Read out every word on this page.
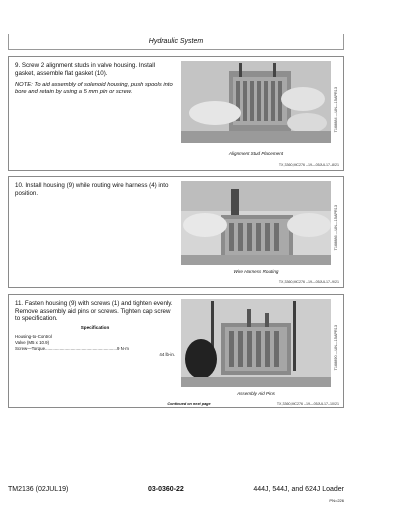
Hydraulic System
9. Screw 2 alignment studs in valve housing. Install gasket, assemble flat gasket (10).
NOTE: To aid assembly of solenoid housing, push spools into bore and retain by using a 5 mm pin or screw.	T168884 —UN—15APR13
Alignment Stud Placement
TX,3360,MC276 –19—05JUL17–8/21
10. Install housing (9) while routing wire harness (4) into position.
T168886 —UN—15APR13
Wire Harness Routing
TX,3360,MC276 –19—05JUL17–9/21
11. Fasten housing (9) with screws (1) and tighten evenly. Remove assembly aid pins or screws. Tighten cap screw to specification.
Specification
Housing-to-Control
Valve (M5 x 10.9)
Screw—Torque...........................................................9 N·m
44 lb-in.	T168890 —UN—15APR13
Assembly Aid Pins
Continued on next page	TX,3360,MC276 –19—05JUL17–10/21
TM2136 (02JUL19)	03-0360-22	444J, 544J, and 624J Loader
PN=226
